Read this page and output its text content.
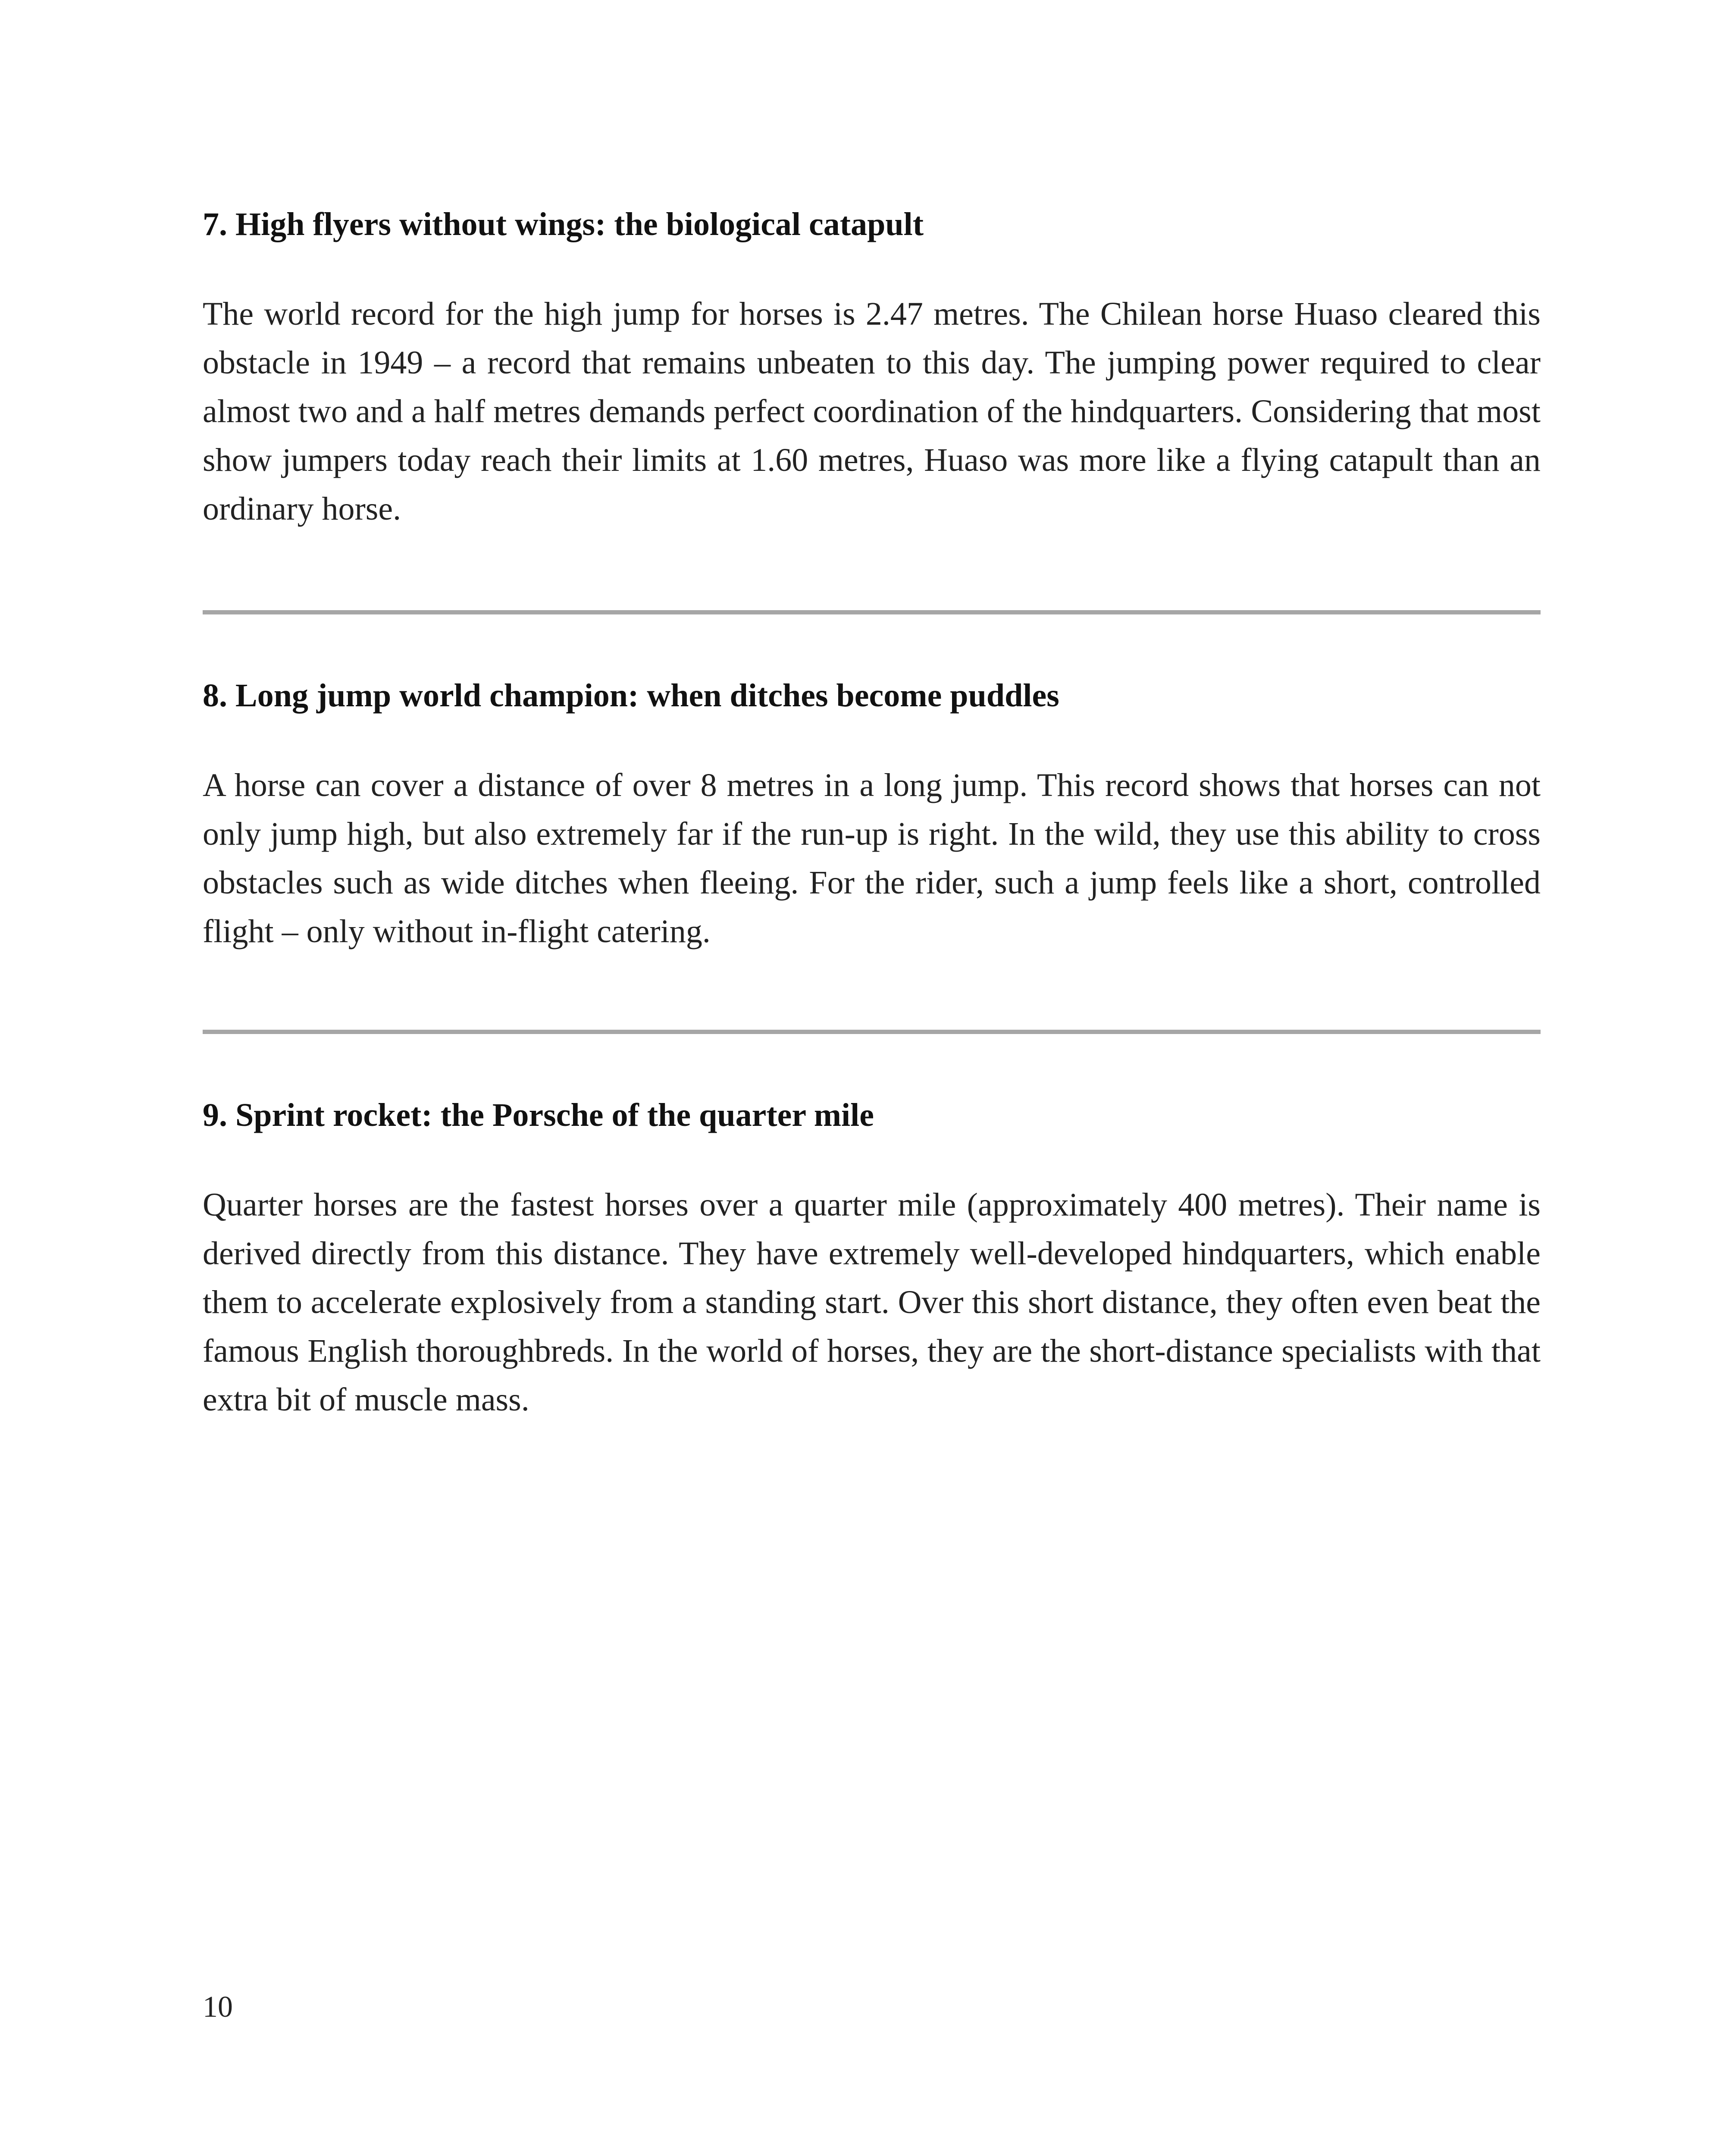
7. High flyers without wings: the biological catapult

The world record for the high jump for horses is 2.47 metres. The Chilean horse Huaso cleared this obstacle in 1949 – a record that remains unbeaten to this day. The jumping power required to clear almost two and a half metres demands perfect coordination of the hindquarters. Considering that most show jumpers today reach their limits at 1.60 metres, Huaso was more like a flying catapult than an ordinary horse.

8. Long jump world champion: when ditches become puddles

A horse can cover a distance of over 8 metres in a long jump. This record shows that horses can not only jump high, but also extremely far if the run-up is right. In the wild, they use this ability to cross obstacles such as wide ditches when fleeing. For the rider, such a jump feels like a short, controlled flight – only without in-flight catering.

9. Sprint rocket: the Porsche of the quarter mile

Quarter horses are the fastest horses over a quarter mile (approximately 400 metres). Their name is derived directly from this distance. They have extremely well-developed hindquarters, which enable them to accelerate explosively from a standing start. Over this short distance, they often even beat the famous English thoroughbreds. In the world of horses, they are the short-distance specialists with that extra bit of muscle mass.

10
